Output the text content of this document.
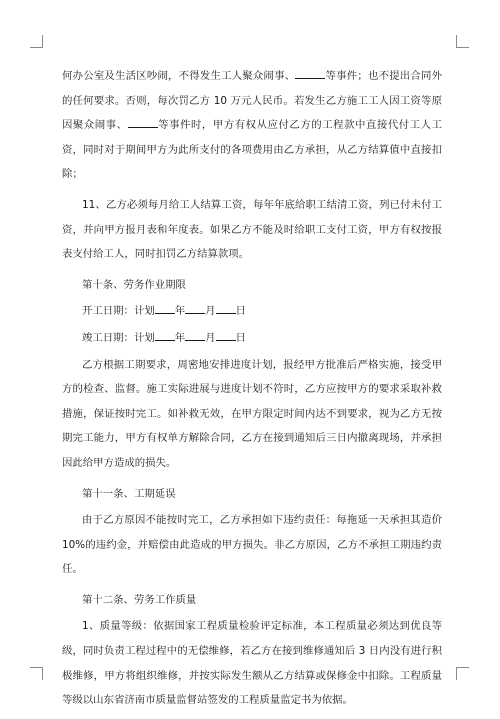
何办公室及生活区吵闹，不得发生工人聚众闹事、	等事件；也不提出合同外的任何要求。否则，每次罚乙方 10 万元人民币。若发生乙方施工工人因工资等原因聚众闹事、	等事件时，甲方有权从应付乙方的工程款中直接代付工人工资，同时对于期间甲方为此所支付的各项费用由乙方承担，从乙方结算值中直接扣除；

11、乙方必须每月给工人结算工资，每年年底给职工结清工资，列已付未付工资，并向甲方报月表和年度表。如果乙方不能及时给职工支付工资，甲方有权按报表支付给工人，同时扣罚乙方结算款项。

第十条、劳务作业期限

开工日期：计划 年 月 日

竣工日期：计划 年 月 日

乙方根据工期要求，周密地安排进度计划，报经甲方批准后严格实施，接受甲方的检查、监督。施工实际进展与进度计划不符时，乙方应按甲方的要求采取补救措施，保证按时完工。如补救无效，在甲方限定时间内达不到要求，视为乙方无按期完工能力，甲方有权单方解除合同，乙方在接到通知后三日内撤离现场，并承担因此给甲方造成的损失。

第十一条、工期延误

由于乙方原因不能按时完工，乙方承担如下违约责任：每拖延一天承担其造价 10%的违约金，并赔偿由此造成的甲方损失。非乙方原因，乙方不承担工期违约责任。

第十二条、劳务工作质量

1、质量等级：依据国家工程质量检验评定标准，本工程质量必须达到优良等级，同时负责工程过程中的无偿维修，若乙方在接到维修通知后 3 日内没有进行积极维修，甲方将组织维修，并按实际发生额从乙方结算或保修金中扣除。工程质量等级以山东省济南市质量监督站签发的工程质量监定书为依据。
